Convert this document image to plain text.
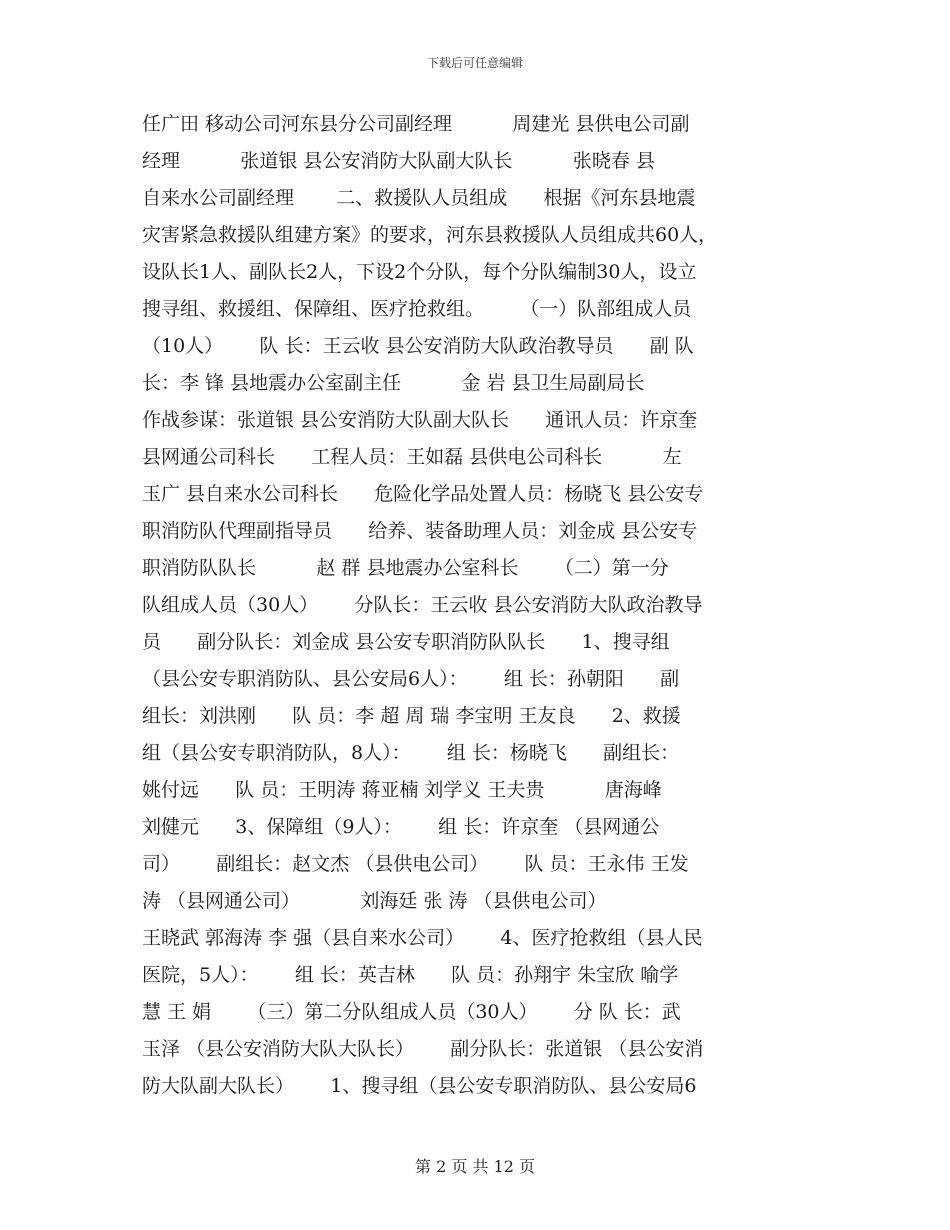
下载后可任意编辑
任广田 移动公司河东县分公司副经理          周建光 县供电公司副
经理          张道银 县公安消防大队副大队长          张晓春 县
自来水公司副经理       二、救援队人员组成      根据《河东县地震
灾害紧急救援队组建方案》的要求，河东县救援队人员组成共60人，
设队长1人、副队长2人，下设2个分队，每个分队编制30人，设立
搜寻组、救援组、保障组、医疗抢救组。      （一）队部组成人员
（10人）      队 长：王云收 县公安消防大队政治教导员      副 队
长：李 锋 县地震办公室副主任          金 岩 县卫生局副局长
作战参谋：张道银 县公安消防大队副大队长      通讯人员：许京奎
县网通公司科长      工程人员：王如磊 县供电公司科长          左
玉广 县自来水公司科长      危险化学品处置人员：杨晓飞 县公安专
职消防队代理副指导员      给养、装备助理人员：刘金成 县公安专
职消防队队长          赵 群 县地震办公室科长      （二）第一分
队组成人员（30人）      分队长：王云收 县公安消防大队政治教导
员      副分队长：刘金成 县公安专职消防队队长      1、搜寻组
（县公安专职消防队、县公安局6人）：      组 长：孙朝阳      副
组长：刘洪刚      队 员：李 超 周 瑞 李宝明 王友良      2、救援
组（县公安专职消防队，8人）：      组 长：杨晓飞      副组长：
姚付远      队 员：王明涛 蒋亚楠 刘学义 王夫贵          唐海峰
刘健元      3、保障组（9人）：      组 长：许京奎 （县网通公
司）      副组长：赵文杰 （县供电公司）      队 员：王永伟 王发
涛 （县网通公司）          刘海廷 张 涛 （县供电公司）
王晓武 郭海涛 李 强（县自来水公司）      4、医疗抢救组（县人民
医院，5人）：      组 长：英吉林      队 员：孙翔宇 朱宝欣 喻学
慧 王 娟      （三）第二分队组成人员（30人）      分 队 长：武
玉泽 （县公安消防大队大队长）      副分队长：张道银 （县公安消
防大队副大队长）      1、搜寻组（县公安专职消防队、县公安局6
第 2 页 共 12 页
